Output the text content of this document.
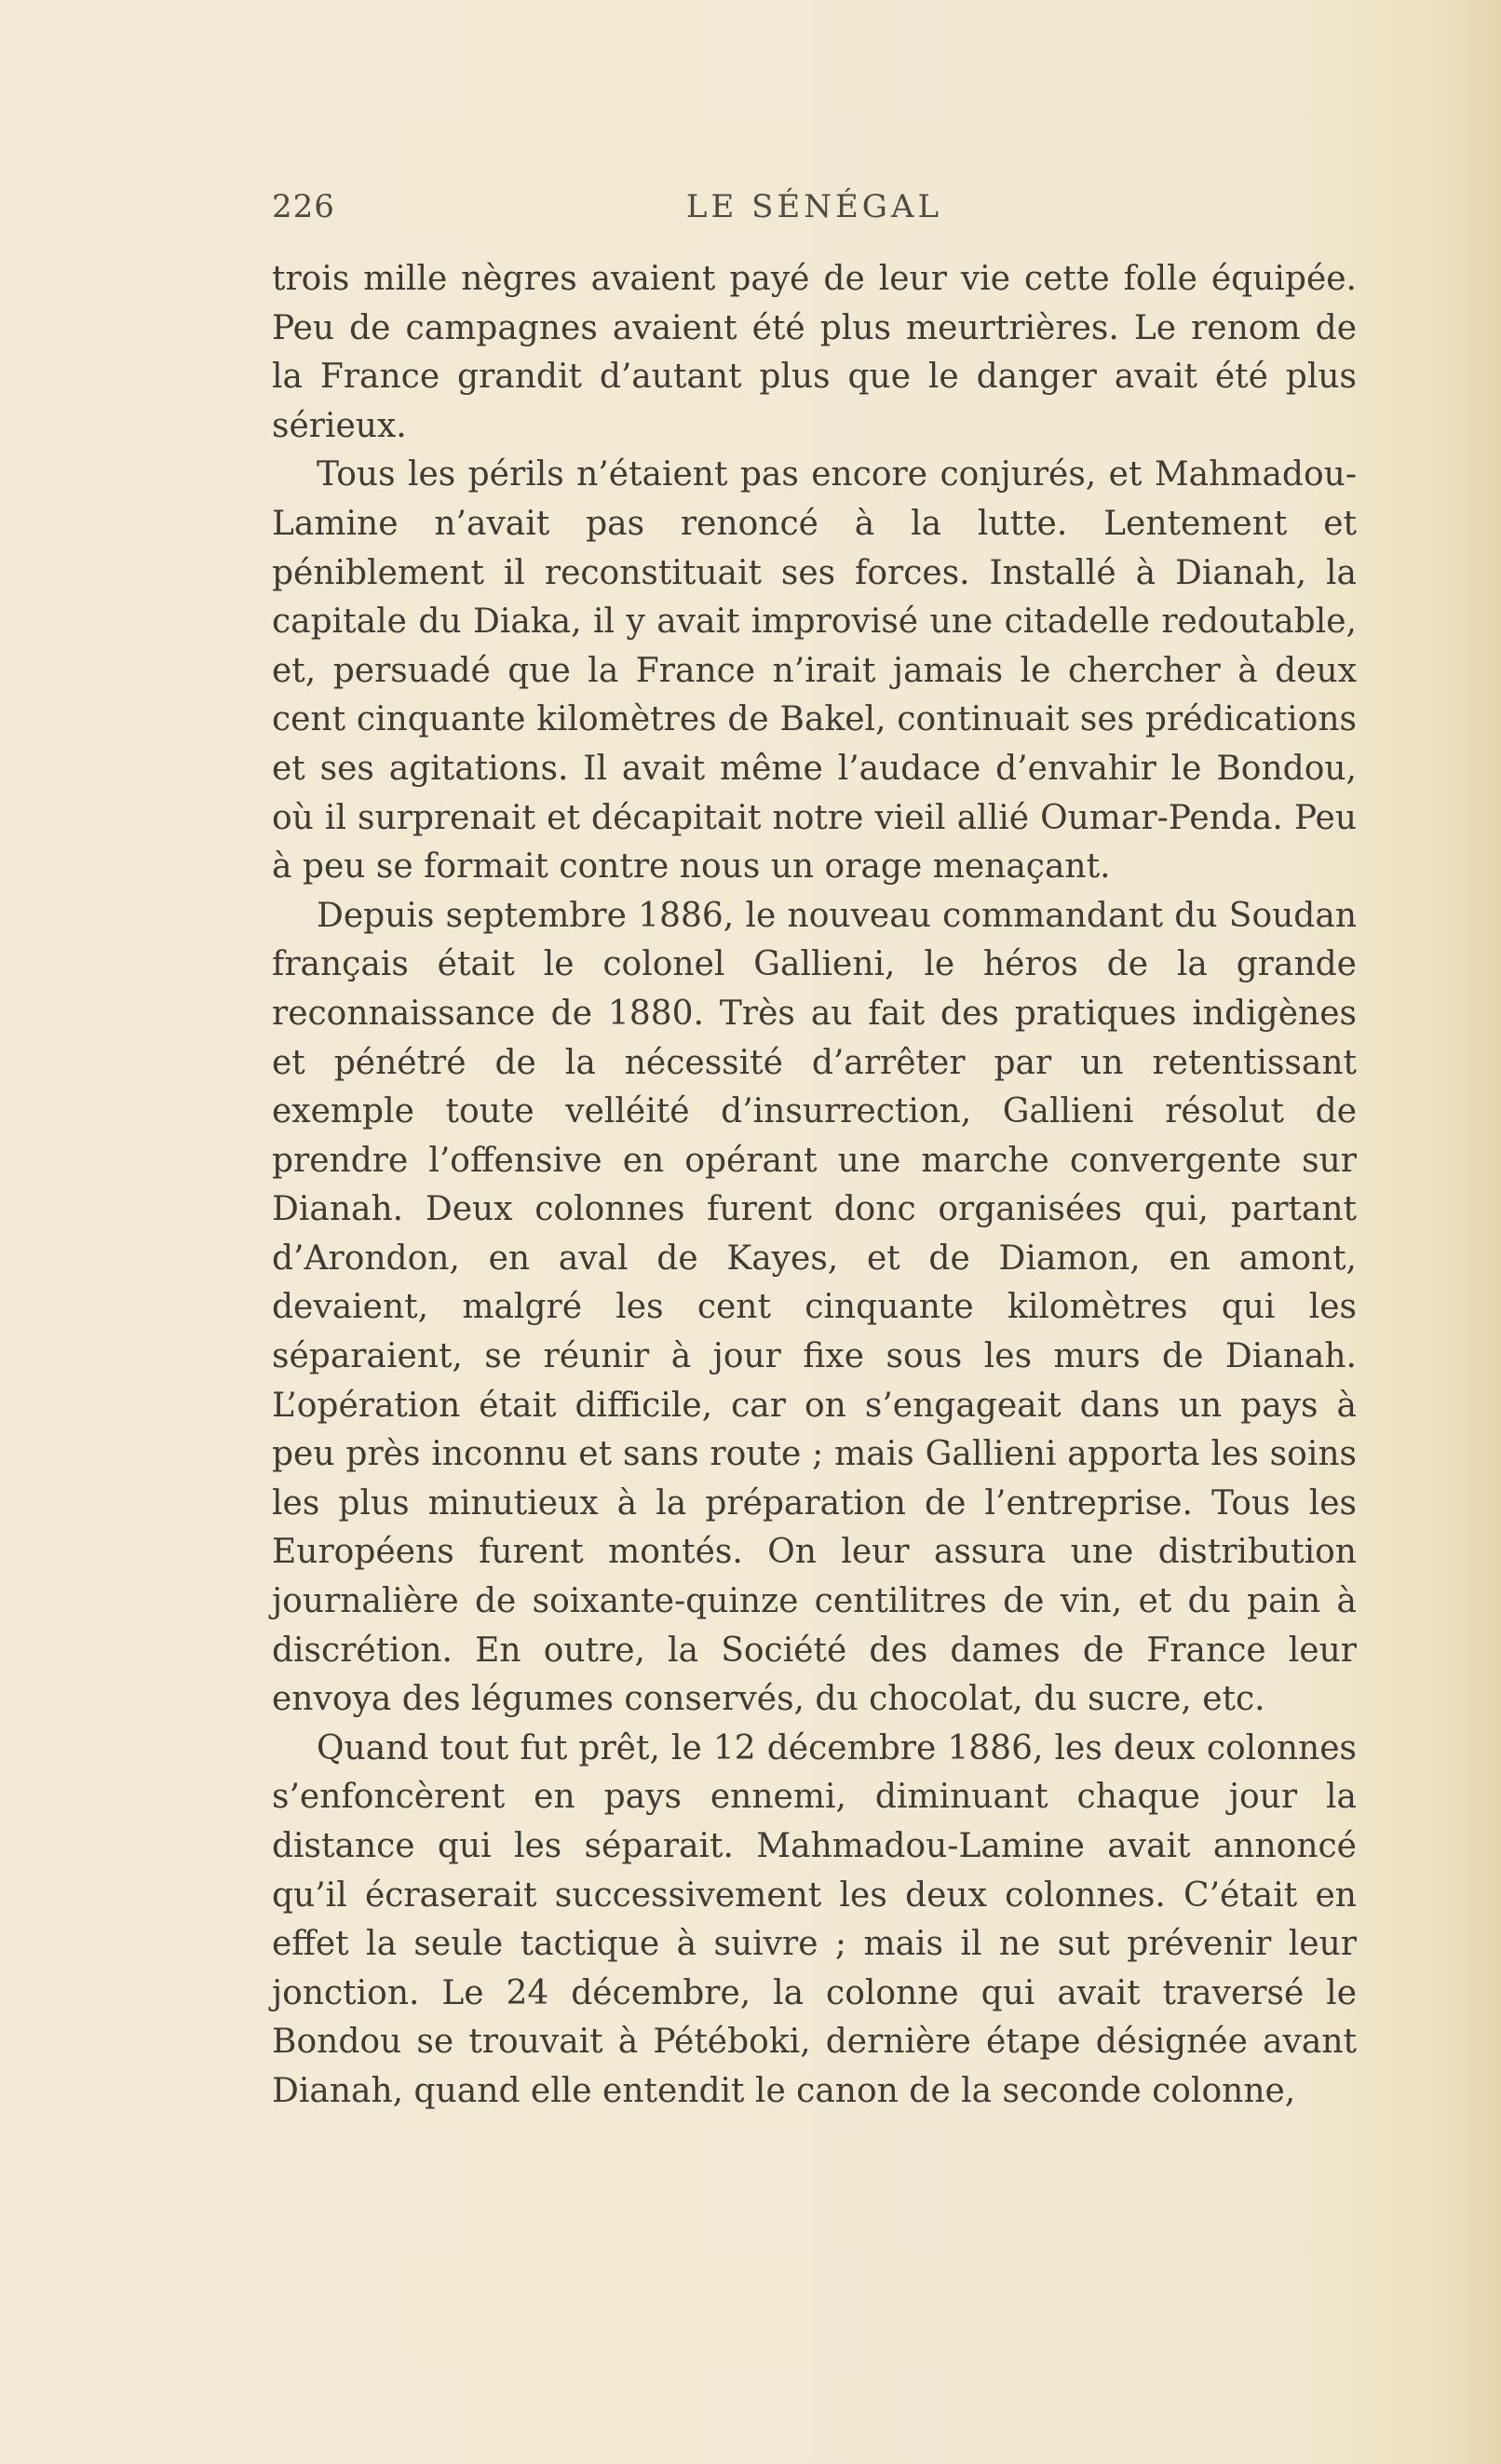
226	LE SÉNÉGAL

trois mille nègres avaient payé de leur vie cette folle équipée. Peu de campagnes avaient été plus meurtrières. Le renom de la France grandit d’autant plus que le danger avait été plus sérieux.

Tous les périls n’étaient pas encore conjurés, et Mahmadou-Lamine n’avait pas renoncé à la lutte. Lentement et péniblement il reconstituait ses forces. Installé à Dianah, la capitale du Diaka, il y avait improvisé une citadelle redoutable, et, persuadé que la France n’irait jamais le chercher à deux cent cinquante kilomètres de Bakel, continuait ses prédications et ses agitations. Il avait même l’audace d’envahir le Bondou, où il surprenait et décapitait notre vieil allié Oumar-Penda. Peu à peu se formait contre nous un orage menaçant.

Depuis septembre 1886, le nouveau commandant du Soudan français était le colonel Gallieni, le héros de la grande reconnaissance de 1880. Très au fait des pratiques indigènes et pénétré de la nécessité d’arrêter par un retentissant exemple toute velléité d’insurrection, Gallieni résolut de prendre l’offensive en opérant une marche convergente sur Dianah. Deux colonnes furent donc organisées qui, partant d’Arondon, en aval de Kayes, et de Diamon, en amont, devaient, malgré les cent cinquante kilomètres qui les séparaient, se réunir à jour fixe sous les murs de Dianah. L’opération était difficile, car on s’engageait dans un pays à peu près inconnu et sans route ; mais Gallieni apporta les soins les plus minutieux à la préparation de l’entreprise. Tous les Européens furent montés. On leur assura une distribution journalière de soixante-quinze centilitres de vin, et du pain à discrétion. En outre, la Société des dames de France leur envoya des légumes conservés, du chocolat, du sucre, etc.

Quand tout fut prêt, le 12 décembre 1886, les deux colonnes s’enfoncèrent en pays ennemi, diminuant chaque jour la distance qui les séparait. Mahmadou-Lamine avait annoncé qu’il écraserait successivement les deux colonnes. C’était en effet la seule tactique à suivre ; mais il ne sut prévenir leur jonction. Le 24 décembre, la colonne qui avait traversé le Bondou se trouvait à Pétéboki, dernière étape désignée avant Dianah, quand elle entendit le canon de la seconde colonne,
